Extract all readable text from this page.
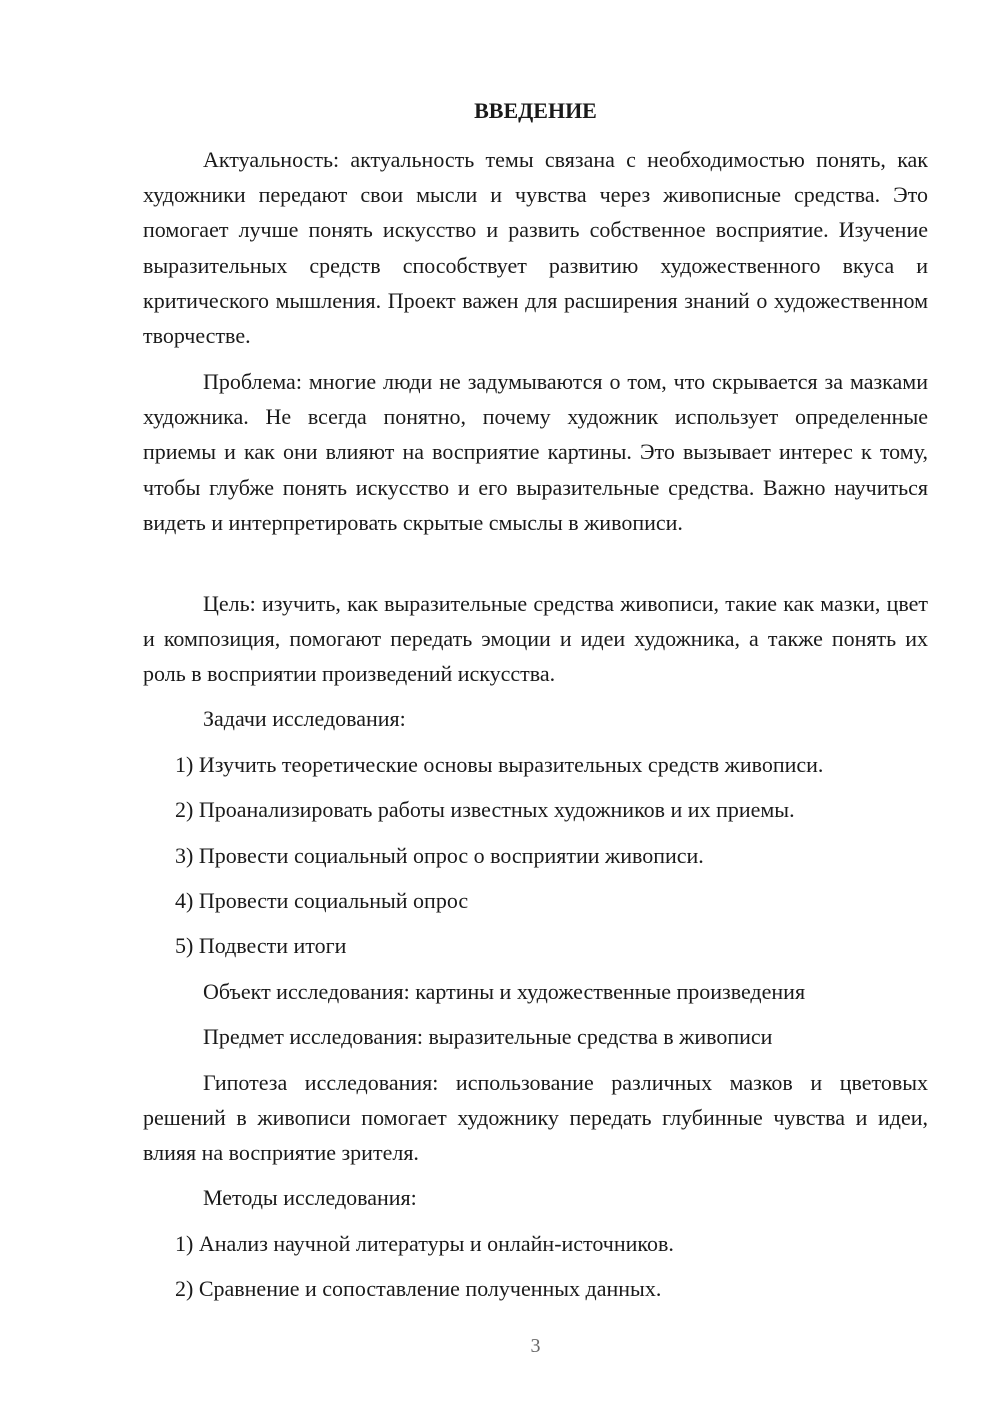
ВВЕДЕНИЕ

Актуальность: актуальность темы связана с необходимостью понять, как художники передают свои мысли и чувства через живописные средства. Это помогает лучше понять искусство и развить собственное восприятие. Изучение выразительных средств способствует развитию художественного вкуса и критического мышления. Проект важен для расширения знаний о художественном творчестве.

Проблема: многие люди не задумываются о том, что скрывается за мазками художника. Не всегда понятно, почему художник использует определенные приемы и как они влияют на восприятие картины. Это вызывает интерес к тому, чтобы глубже понять искусство и его выразительные средства. Важно научиться видеть и интерпретировать скрытые смыслы в живописи.

Цель: изучить, как выразительные средства живописи, такие как мазки, цвет и композиция, помогают передать эмоции и идеи художника, а также понять их роль в восприятии произведений искусства.

Задачи исследования:
1) Изучить теоретические основы выразительных средств живописи.
2) Проанализировать работы известных художников и их приемы.
3) Провести социальный опрос о восприятии живописи.
4) Провести социальный опрос
5) Подвести итоги
Объект исследования: картины и художественные произведения
Предмет исследования: выразительные средства в живописи

Гипотеза исследования: использование различных мазков и цветовых решений в живописи помогает художнику передать глубинные чувства и идеи, влияя на восприятие зрителя.

Методы исследования:
1) Анализ научной литературы и онлайн-источников.
2) Сравнение и сопоставление полученных данных.
3
